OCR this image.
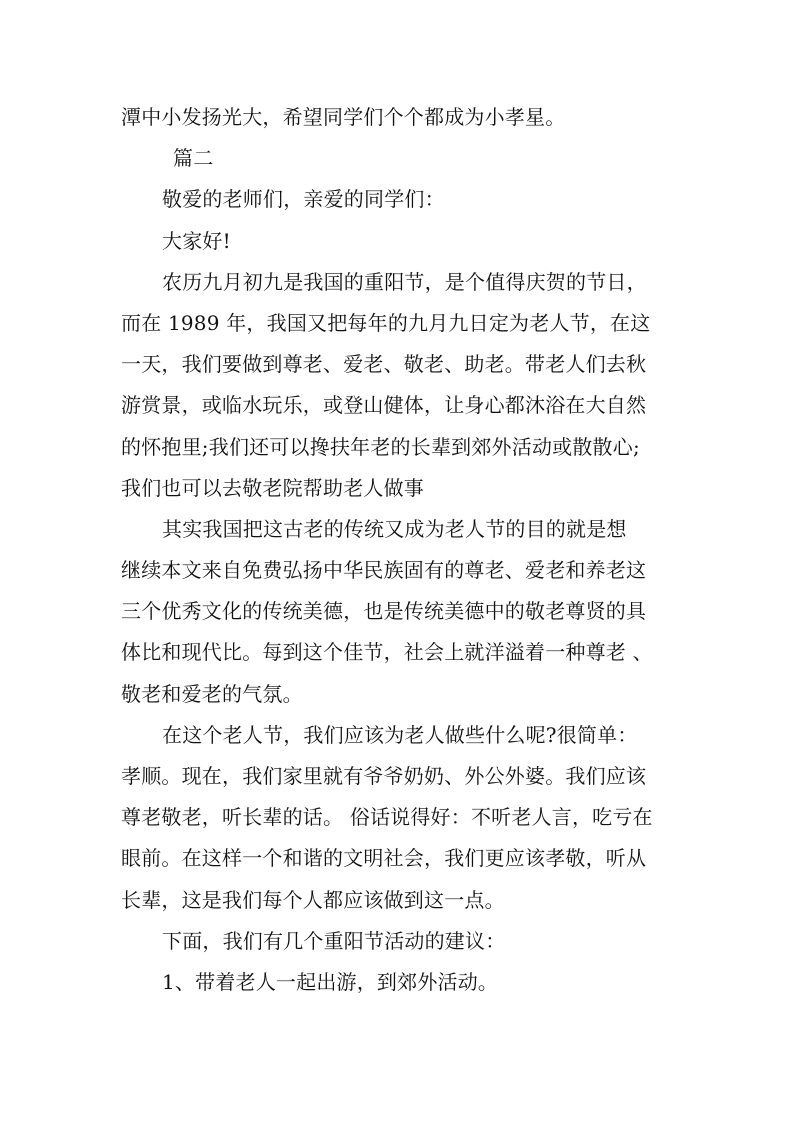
潭中小发扬光大，希望同学们个个都成为小孝星。
篇二
敬爱的老师们，亲爱的同学们：
大家好!
农历九月初九是我国的重阳节，是个值得庆贺的节日，
而在 1989 年，我国又把每年的九月九日定为老人节，在这
一天，我们要做到尊老、爱老、敬老、助老。带老人们去秋
游赏景，或临水玩乐，或登山健体，让身心都沐浴在大自然
的怀抱里;我们还可以搀扶年老的长辈到郊外活动或散散心;
我们也可以去敬老院帮助老人做事
其实我国把这古老的传统又成为老人节的目的就是想
继续本文来自免费弘扬中华民族固有的尊老、爱老和养老这
三个优秀文化的传统美德，也是传统美德中的敬老尊贤的具
体比和现代比。每到这个佳节，社会上就洋溢着一种尊老 、
敬老和爱老的气氛。
在这个老人节，我们应该为老人做些什么呢?很简单：
孝顺。现在，我们家里就有爷爷奶奶、外公外婆。我们应该
尊老敬老，听长辈的话。 俗话说得好：不听老人言，吃亏在
眼前。在这样一个和谐的文明社会，我们更应该孝敬，听从
长辈，这是我们每个人都应该做到这一点。
下面，我们有几个重阳节活动的建议：
1、带着老人一起出游，到郊外活动。
